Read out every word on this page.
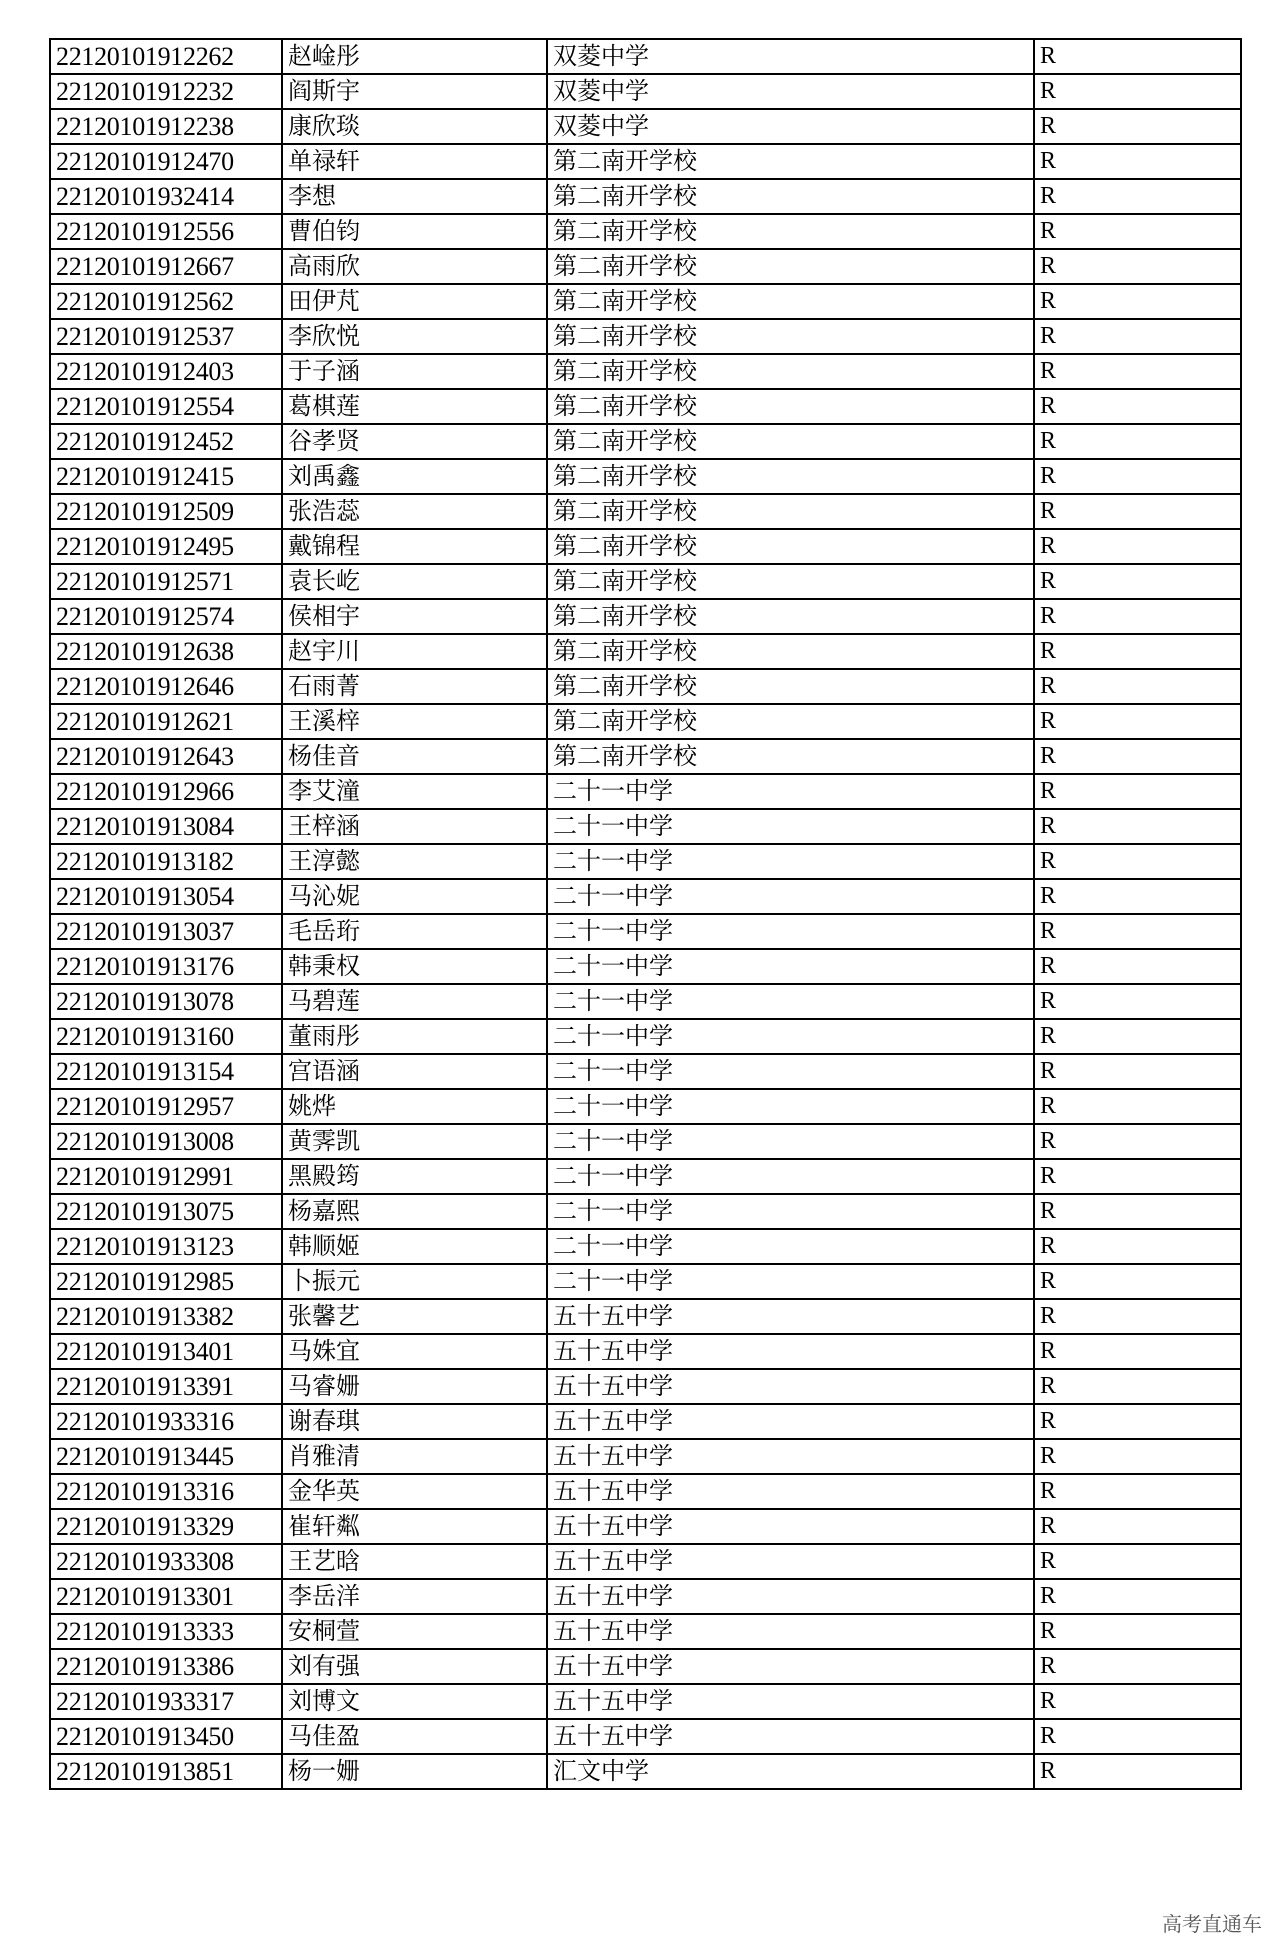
22120101912262	赵崯彤	双菱中学	R
22120101912232	阎斯宇	双菱中学	R
22120101912238	康欣琰	双菱中学	R
22120101912470	单禄轩	第二南开学校	R
22120101932414	李想	第二南开学校	R
22120101912556	曹伯钧	第二南开学校	R
22120101912667	高雨欣	第二南开学校	R
22120101912562	田伊芃	第二南开学校	R
22120101912537	李欣悦	第二南开学校	R
22120101912403	于子涵	第二南开学校	R
22120101912554	葛棋莲	第二南开学校	R
22120101912452	谷孝贤	第二南开学校	R
22120101912415	刘禹鑫	第二南开学校	R
22120101912509	张浩蕊	第二南开学校	R
22120101912495	戴锦程	第二南开学校	R
22120101912571	袁长屹	第二南开学校	R
22120101912574	侯相宇	第二南开学校	R
22120101912638	赵宇川	第二南开学校	R
22120101912646	石雨菁	第二南开学校	R
22120101912621	王溪梓	第二南开学校	R
22120101912643	杨佳音	第二南开学校	R
22120101912966	李艾潼	二十一中学	R
22120101913084	王梓涵	二十一中学	R
22120101913182	王淳懿	二十一中学	R
22120101913054	马沁妮	二十一中学	R
22120101913037	毛岳珩	二十一中学	R
22120101913176	韩秉权	二十一中学	R
22120101913078	马碧莲	二十一中学	R
22120101913160	董雨彤	二十一中学	R
22120101913154	宫语涵	二十一中学	R
22120101912957	姚烨	二十一中学	R
22120101913008	黄霁凯	二十一中学	R
22120101912991	黑殿筠	二十一中学	R
22120101913075	杨嘉熙	二十一中学	R
22120101913123	韩顺姬	二十一中学	R
22120101912985	卜振元	二十一中学	R
22120101913382	张馨艺	五十五中学	R
22120101913401	马姝宜	五十五中学	R
22120101913391	马睿姗	五十五中学	R
22120101933316	谢春琪	五十五中学	R
22120101913445	肖雅清	五十五中学	R
22120101913316	金华英	五十五中学	R
22120101913329	崔轩粼	五十五中学	R
22120101933308	王艺晗	五十五中学	R
22120101913301	李岳洋	五十五中学	R
22120101913333	安桐萱	五十五中学	R
22120101913386	刘有强	五十五中学	R
22120101933317	刘博文	五十五中学	R
22120101913450	马佳盈	五十五中学	R
22120101913851	杨一姗	汇文中学	R
高考直通车
